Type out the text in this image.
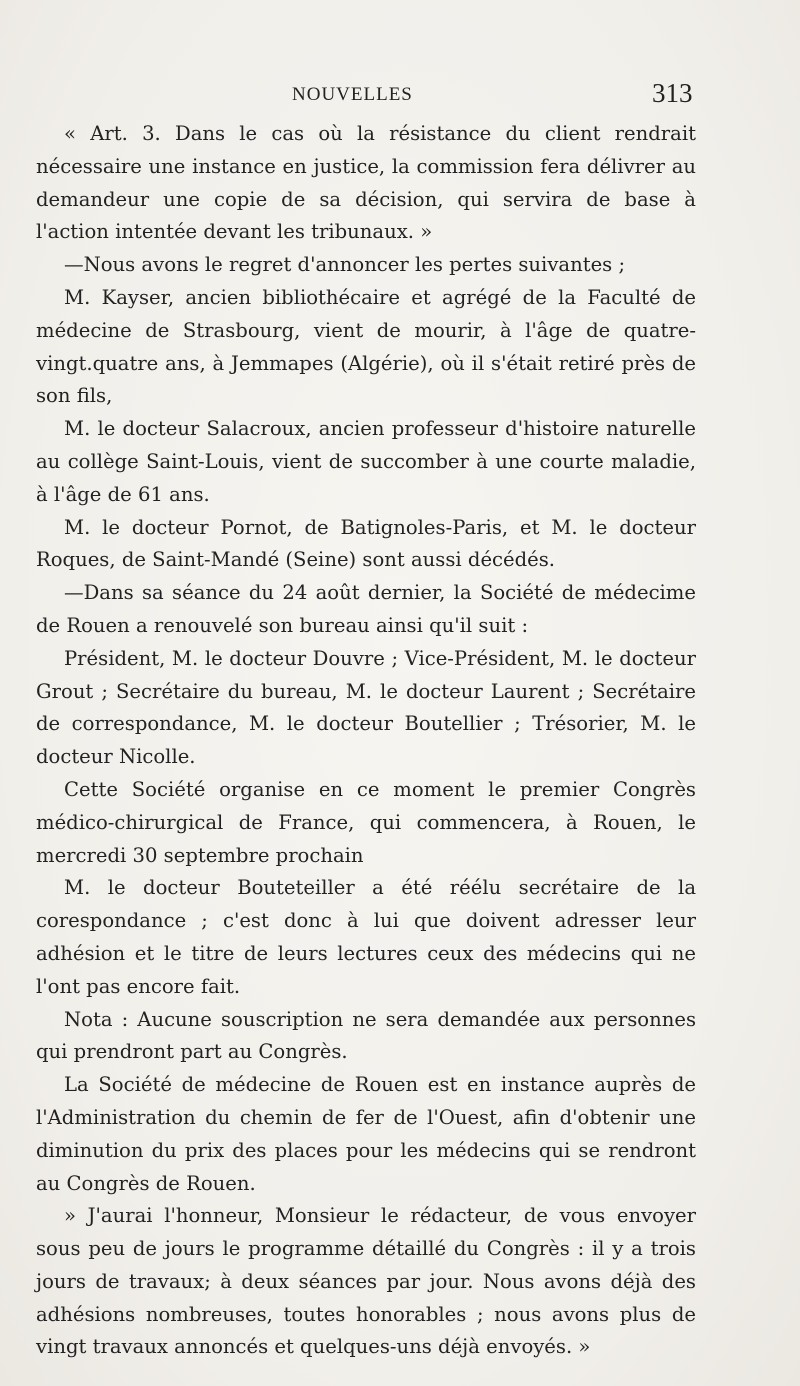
NOUVELLES	313

« Art. 3. Dans le cas où la résistance du client rendrait nécessaire une instance en justice, la commission fera délivrer au demandeur une copie de sa décision, qui servira de base à l'action intentée devant les tribunaux. »

—Nous avons le regret d'annoncer les pertes suivantes ;

M. Kayser, ancien bibliothécaire et agrégé de la Faculté de médecine de Strasbourg, vient de mourir, à l'âge de quatre-vingt.quatre ans, à Jemmapes (Algérie), où il s'était retiré près de son fils,

M. le docteur Salacroux, ancien professeur d'histoire naturelle au collège Saint-Louis, vient de succomber à une courte maladie, à l'âge de 61 ans.

M. le docteur Pornot, de Batignoles-Paris, et M. le docteur Roques, de Saint-Mandé (Seine) sont aussi décédés.

—Dans sa séance du 24 août dernier, la Société de médecime de Rouen a renouvelé son bureau ainsi qu'il suit :

Président, M. le docteur Douvre ; Vice-Président, M. le docteur Grout ; Secrétaire du bureau, M. le docteur Laurent ; Secrétaire de correspondance, M. le docteur Boutellier ; Trésorier, M. le docteur Nicolle.

Cette Société organise en ce moment le premier Congrès médico-chirurgical de France, qui commencera, à Rouen, le mercredi 30 septembre prochain

M. le docteur Bouteteiller a été réélu secrétaire de la corespondance ; c'est donc à lui que doivent adresser leur adhésion et le titre de leurs lectures ceux des médecins qui ne l'ont pas encore fait.

Nota : Aucune souscription ne sera demandée aux personnes qui prendront part au Congrès.

La Société de médecine de Rouen est en instance auprès de l'Administration du chemin de fer de l'Ouest, afin d'obtenir une diminution du prix des places pour les médecins qui se rendront au Congrès de Rouen.

» J'aurai l'honneur, Monsieur le rédacteur, de vous envoyer sous peu de jours le programme détaillé du Congrès : il y a trois jours de travaux; à deux séances par jour. Nous avons déjà des adhésions nombreuses, toutes honorables ; nous avons plus de vingt travaux annoncés et quelques-uns déjà envoyés. »
